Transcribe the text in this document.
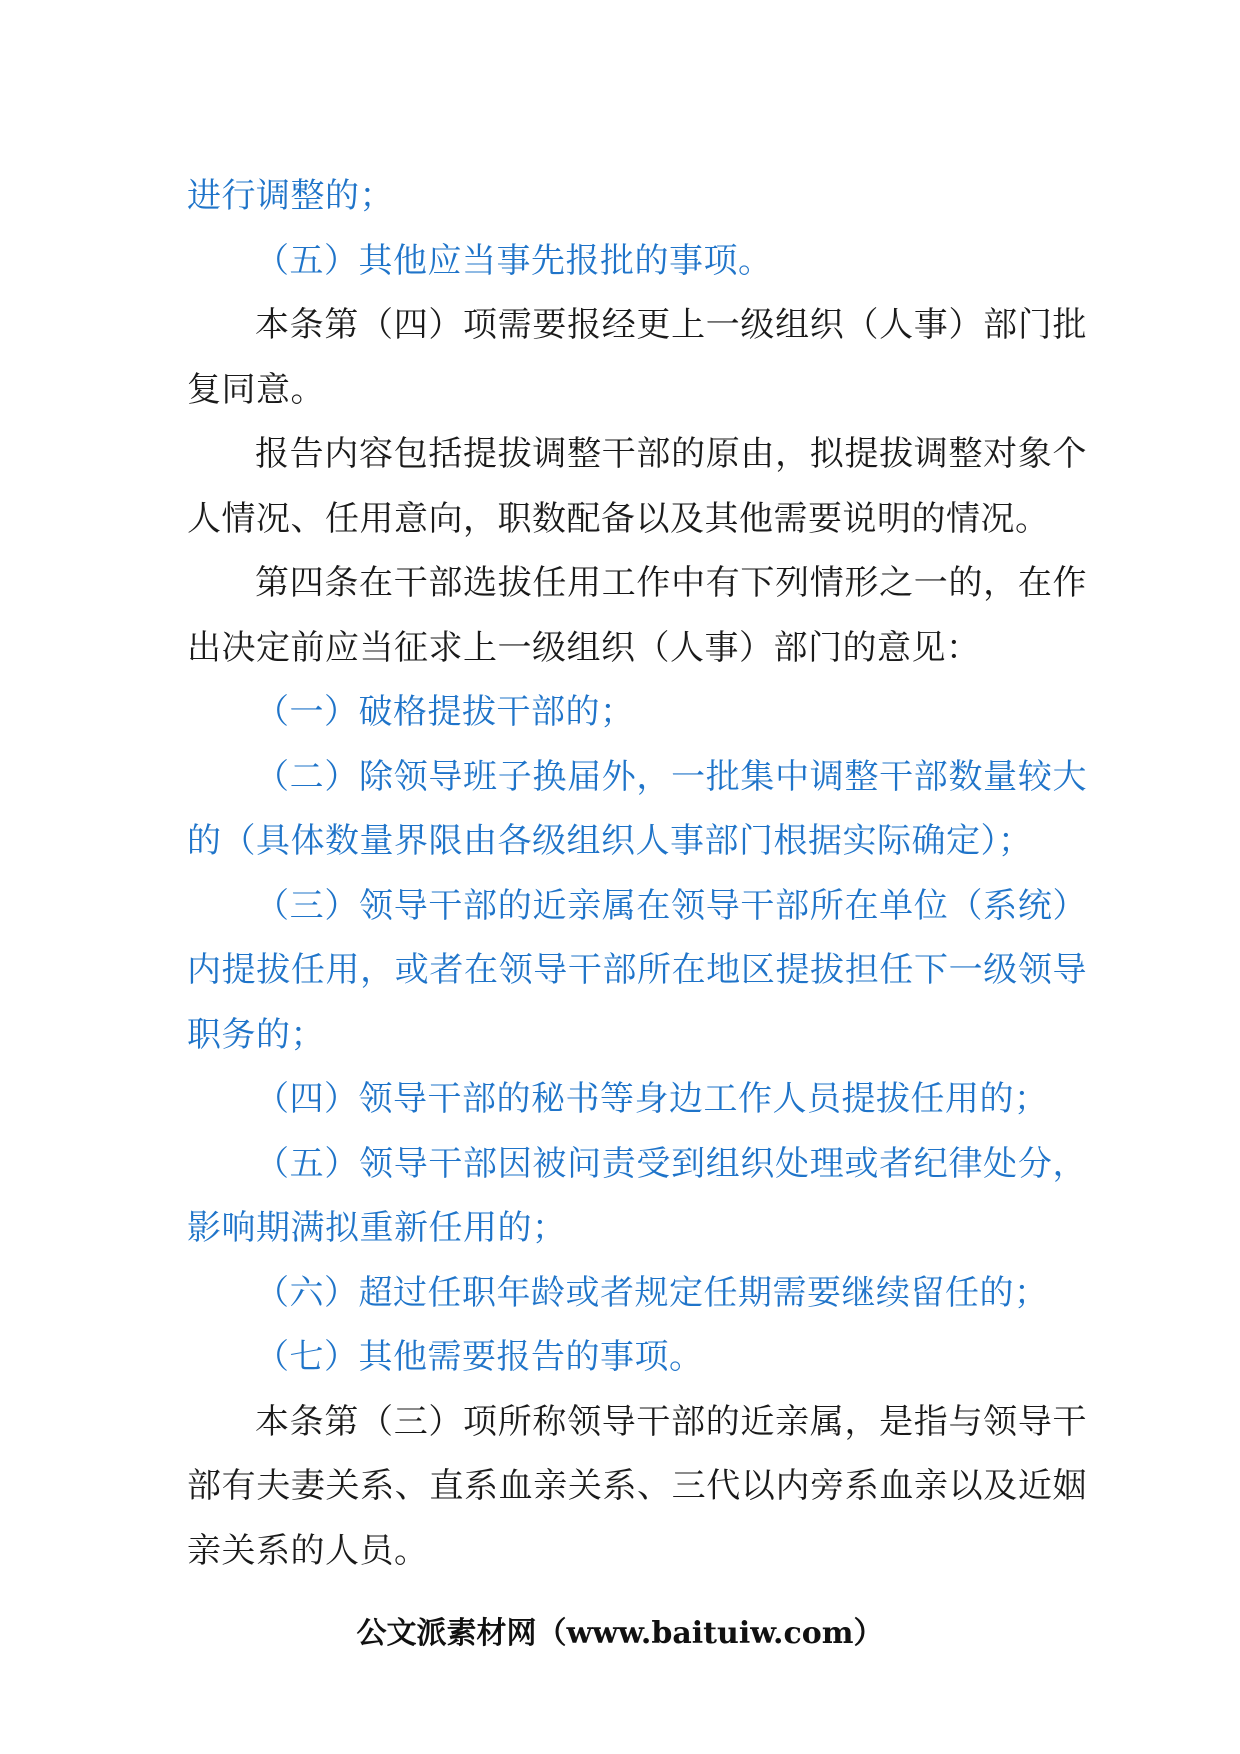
进行调整的；

（五）其他应当事先报批的事项。

本条第（四）项需要报经更上一级组织（人事）部门批复同意。

报告内容包括提拔调整干部的原由，拟提拔调整对象个人情况、任用意向，职数配备以及其他需要说明的情况。

第四条在干部选拔任用工作中有下列情形之一的，在作出决定前应当征求上一级组织（人事）部门的意见：

（一）破格提拔干部的；

（二）除领导班子换届外，一批集中调整干部数量较大的（具体数量界限由各级组织人事部门根据实际确定）；

（三）领导干部的近亲属在领导干部所在单位（系统）内提拔任用，或者在领导干部所在地区提拔担任下一级领导职务的；

（四）领导干部的秘书等身边工作人员提拔任用的；

（五）领导干部因被问责受到组织处理或者纪律处分，影响期满拟重新任用的；

（六）超过任职年龄或者规定任期需要继续留任的；

（七）其他需要报告的事项。

本条第（三）项所称领导干部的近亲属，是指与领导干部有夫妻关系、直系血亲关系、三代以内旁系血亲以及近姻亲关系的人员。

公文派素材网（www.baituiw.com）
